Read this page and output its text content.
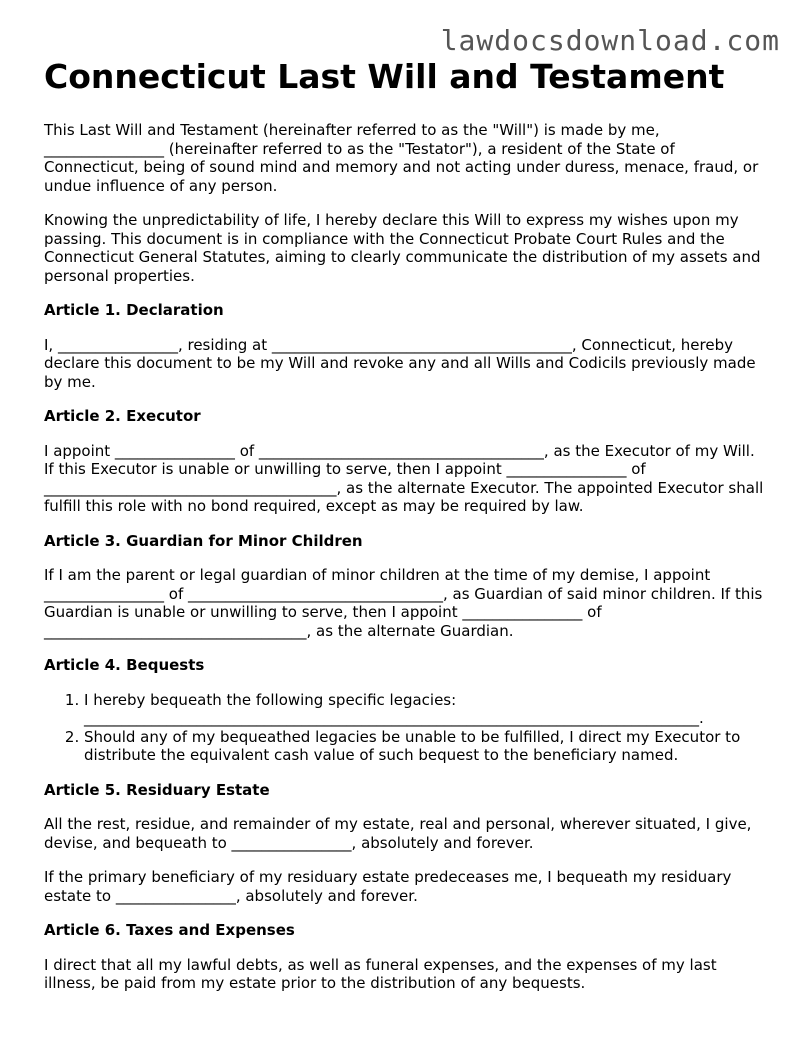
lawdocsdownload.com
Connecticut Last Will and Testament

This Last Will and Testament (hereinafter referred to as the "Will") is made by me, ________________ (hereinafter referred to as the "Testator"), a resident of the State of Connecticut, being of sound mind and memory and not acting under duress, menace, fraud, or undue influence of any person.

Knowing the unpredictability of life, I hereby declare this Will to express my wishes upon my passing. This document is in compliance with the Connecticut Probate Court Rules and the Connecticut General Statutes, aiming to clearly communicate the distribution of my assets and personal properties.

Article 1. Declaration

I, ________________, residing at ________________________________________, Connecticut, hereby declare this document to be my Will and revoke any and all Wills and Codicils previously made by me.

Article 2. Executor

I appoint ________________ of ______________________________________, as the Executor of my Will. If this Executor is unable or unwilling to serve, then I appoint ________________ of _______________________________________, as the alternate Executor. The appointed Executor shall fulfill this role with no bond required, except as may be required by law.

Article 3. Guardian for Minor Children

If I am the parent or legal guardian of minor children at the time of my demise, I appoint ________________ of __________________________________, as Guardian of said minor children. If this Guardian is unable or unwilling to serve, then I appoint ________________ of ___________________________________, as the alternate Guardian.

Article 4. Bequests
1. I hereby bequeath the following specific legacies: __________________________________________________________________________________.
2. Should any of my bequeathed legacies be unable to be fulfilled, I direct my Executor to distribute the equivalent cash value of such bequest to the beneficiary named.
Article 5. Residuary Estate

All the rest, residue, and remainder of my estate, real and personal, wherever situated, I give, devise, and bequeath to ________________, absolutely and forever.

If the primary beneficiary of my residuary estate predeceases me, I bequeath my residuary estate to ________________, absolutely and forever.

Article 6. Taxes and Expenses

I direct that all my lawful debts, as well as funeral expenses, and the expenses of my last illness, be paid from my estate prior to the distribution of any bequests.
